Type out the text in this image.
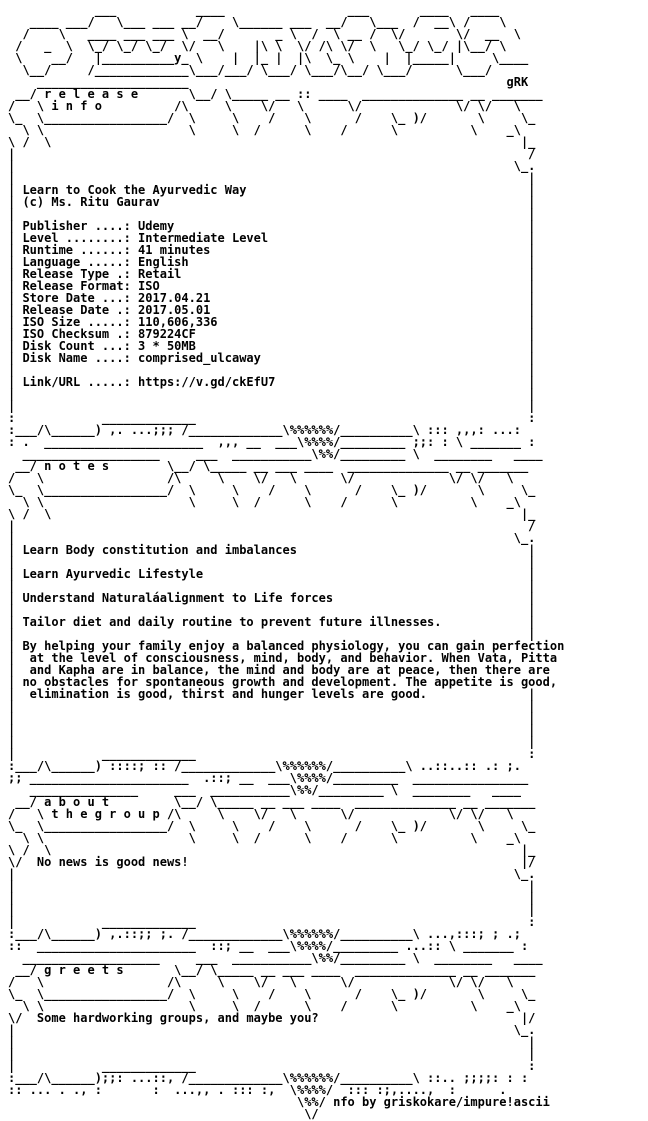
___           ____                 ___       ____   ____
____ ___/   \___ ___ __/    \______ ___  __/   \___  /  __\ /    \
/    \   ____ ___ ___ \  __/       _ \  /  \ __ /  \/       \/  __  \
/   _  \  \_/ \_/ \_/  \/   \    |\ \  \/ /\ \/  \   \_/ \_/ |\__/ \
\    __/   |__________y_ \    |  |_ |  |\  \_ \    |  |_____|     \____
\__/     /_____________\___/___/ \___/ \___/\__/ \___/      \___/
_____________________                                            gRK
__/ r e l e a s e       \__/ \_____ __ :: ____  ______________ __ _______
/   \ i n f o          /\     \    \/   \      \/             \/ \/   \
\_  \_________________/  \     \    /    \      /    \_ )/       \     \_
\ \                    \     \  /      \    /      \          \    _\
\ /  \                                                                 |_
|                                                                       /
|                                                                     \_.
|                                                                       |
| Learn to Cook the Ayurvedic Way                                       |
| (c) Ms. Ritu Gaurav                                                   |
|                                                                       |
| Publisher ....: Udemy                                                 |
| Level ........: Intermediate Level                                    |
| Runtime ......: 41 minutes                                            |
| Language .....: English                                               |
| Release Type .: Retail                                                |
| Release Format: ISO                                                   |
| Store Date ...: 2017.04.21                                            |
| Release Date .: 2017.05.01                                            |
| ISO Size .....: 110,606,336                                           |
| ISO Checksum .: 879224CF                                              |
| Disk Count ...: 3 * 50MB                                              |
| Disk Name ....: comprised_ulcaway                                     |
|                                                                       |
| Link/URL .....: https://v.gd/ckEfU7                                   |
|                                                                       |
|                                                                       |
:            _____________                                              :
:___/\______) ,. ...;;; /_____________\%%%%%%/__________\ ::: ,,,: ...:
: .  ______________________  ,,, __  ___\%%%%/_________ ;;: : \ _______ :
___________________     ___  ___________\%%/_________ \  ________   ____
__/ n o t e s        \__/ \_____ __ ___ ____  ______________ __ _______
/   \                 /\     \    \/   \      \/             \/ \/   \
\_  \_________________/  \     \    /    \      /    \_ )/       \     \_
\ \                    \     \  /      \    /      \          \    _\
\ /  \                                                                 |_
|                                                                       /
|                                                                     \_.
| Learn Body constitution and imbalances                                |
|                                                                       |
| Learn Ayurvedic Lifestyle                                             |
|                                                                       |
| Understand Naturaláalignment to Life forces                           |
|                                                                       |
| Tailor diet and daily routine to prevent future illnesses.            |
|                                                                       |
| By helping your family enjoy a balanced physiology, you can gain perfection
|  at the level of consciousness, mind, body, and behavior. When Vata, Pitta
|  and Kapha are in balance, the mind and body are at peace, then there are
| no obstacles for spontaneous growth and development. The appetite is good,
|  elimination is good, thirst and hunger levels are good.              |
|                                                                       |
|                                                                       |
|                                                                       |
|                                                                       |
|            _____________                                              :
:___/\______) ::::; :: /_____________\%%%%%%/__________\ ..::..:: .: ;.
;; ______________________  .::; __  ___\%%%%/_________  ________________
_______________     ___  ___________\%%/_________ \  ________   ____
__/ a b o u t         \__/ \_____ __ ___ ____  ______________ __ _______
/   \ t h e g r o u p /\     \    \/   \      \/             \/ \/   \
\_  \_________________/  \     \    /    \      /    \_ )/       \     \_
\ \                    \     \  /      \    /      \          \    _\
\ /  \                                                                 |_
\/  No news is good news!                                              |/
|                                                                     \_.
|                                                                       |
|                                                                       |
|                                                                       |
|            _____________                                              :
:___/\______) ,.::;; ;. /_____________\%%%%%%/__________\ ...,:::; ; .;
::  ______________________  ::; __  ___\%%%%/_________ ...:: \ _______ :
___________________     ___  ___________\%%/_________ \  ________   ____
__/ g r e e t s       \__/ \_____ __ ___ ____  ______________ __ _______
/   \                 /\     \    \/   \      \/             \/ \/   \
\_  \_________________/  \     \    /    \      /    \_ )/       \     \_
\ \                    \     \  /      \    /      \          \    _\
\/  Some hardworking groups, and maybe you?                            |/
|                                                                     \_.
|                                                                       |
|                                                                       |
|            _____________                                              :
:___/\______);;: ...::, /_____________\%%%%%%/__________\ ::.. ;;;;: : :
:: ... . ., :       :  ...,, . ::: :,  \%%%%/  ::: :;,....,  :      .
\%%/ nfo by griskokare/impure!ascii
\/
